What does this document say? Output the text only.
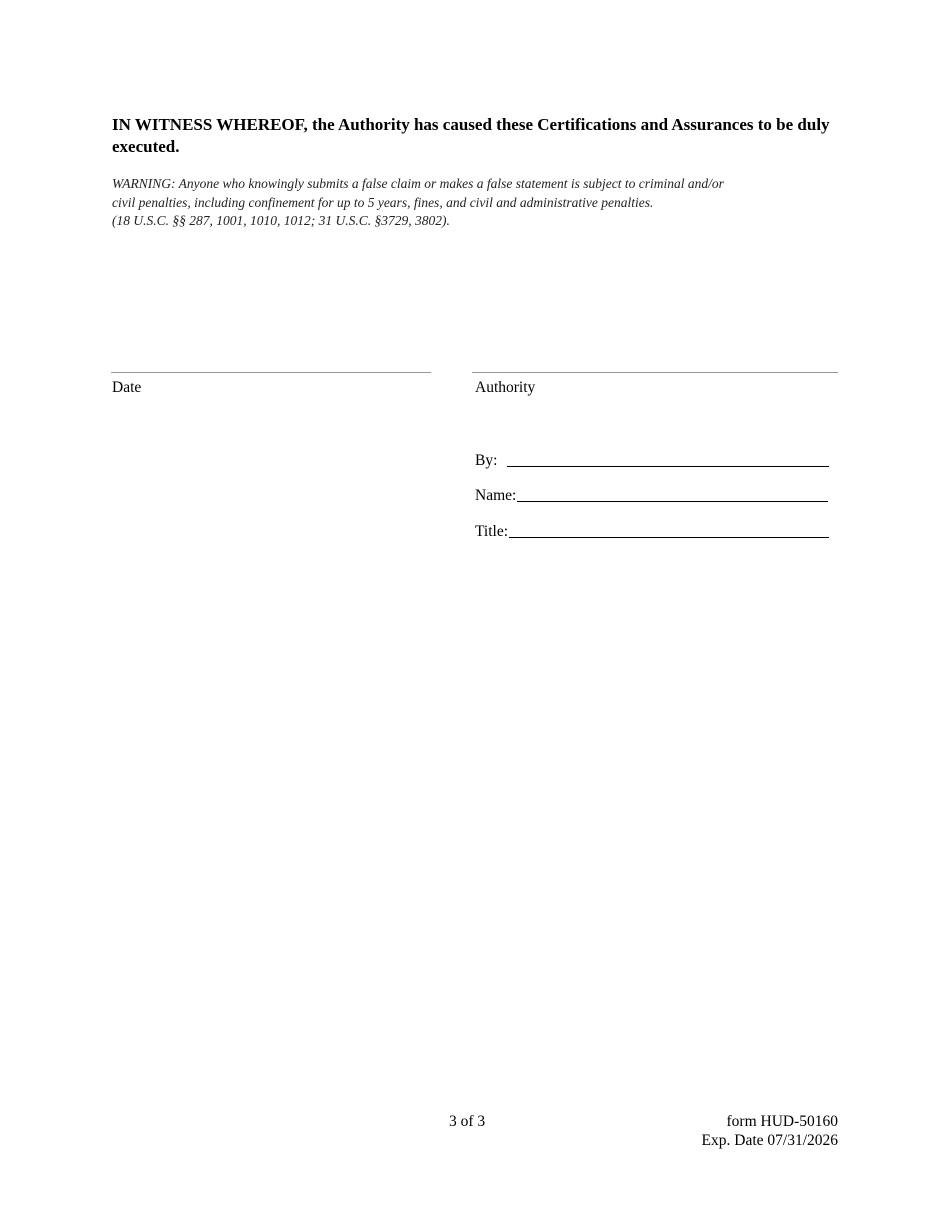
IN WITNESS WHEREOF, the Authority has caused these Certifications and Assurances to be duly executed.
WARNING: Anyone who knowingly submits a false claim or makes a false statement is subject to criminal and/or
civil penalties, including confinement for up to 5 years, fines, and civil and administrative penalties.
(18 U.S.C. §§ 287, 1001, 1010, 1012; 31 U.S.C. §3729, 3802).
Date	Authority
By:
Name:
Title:
3 of 3	form HUD-50160
Exp. Date 07/31/2026
